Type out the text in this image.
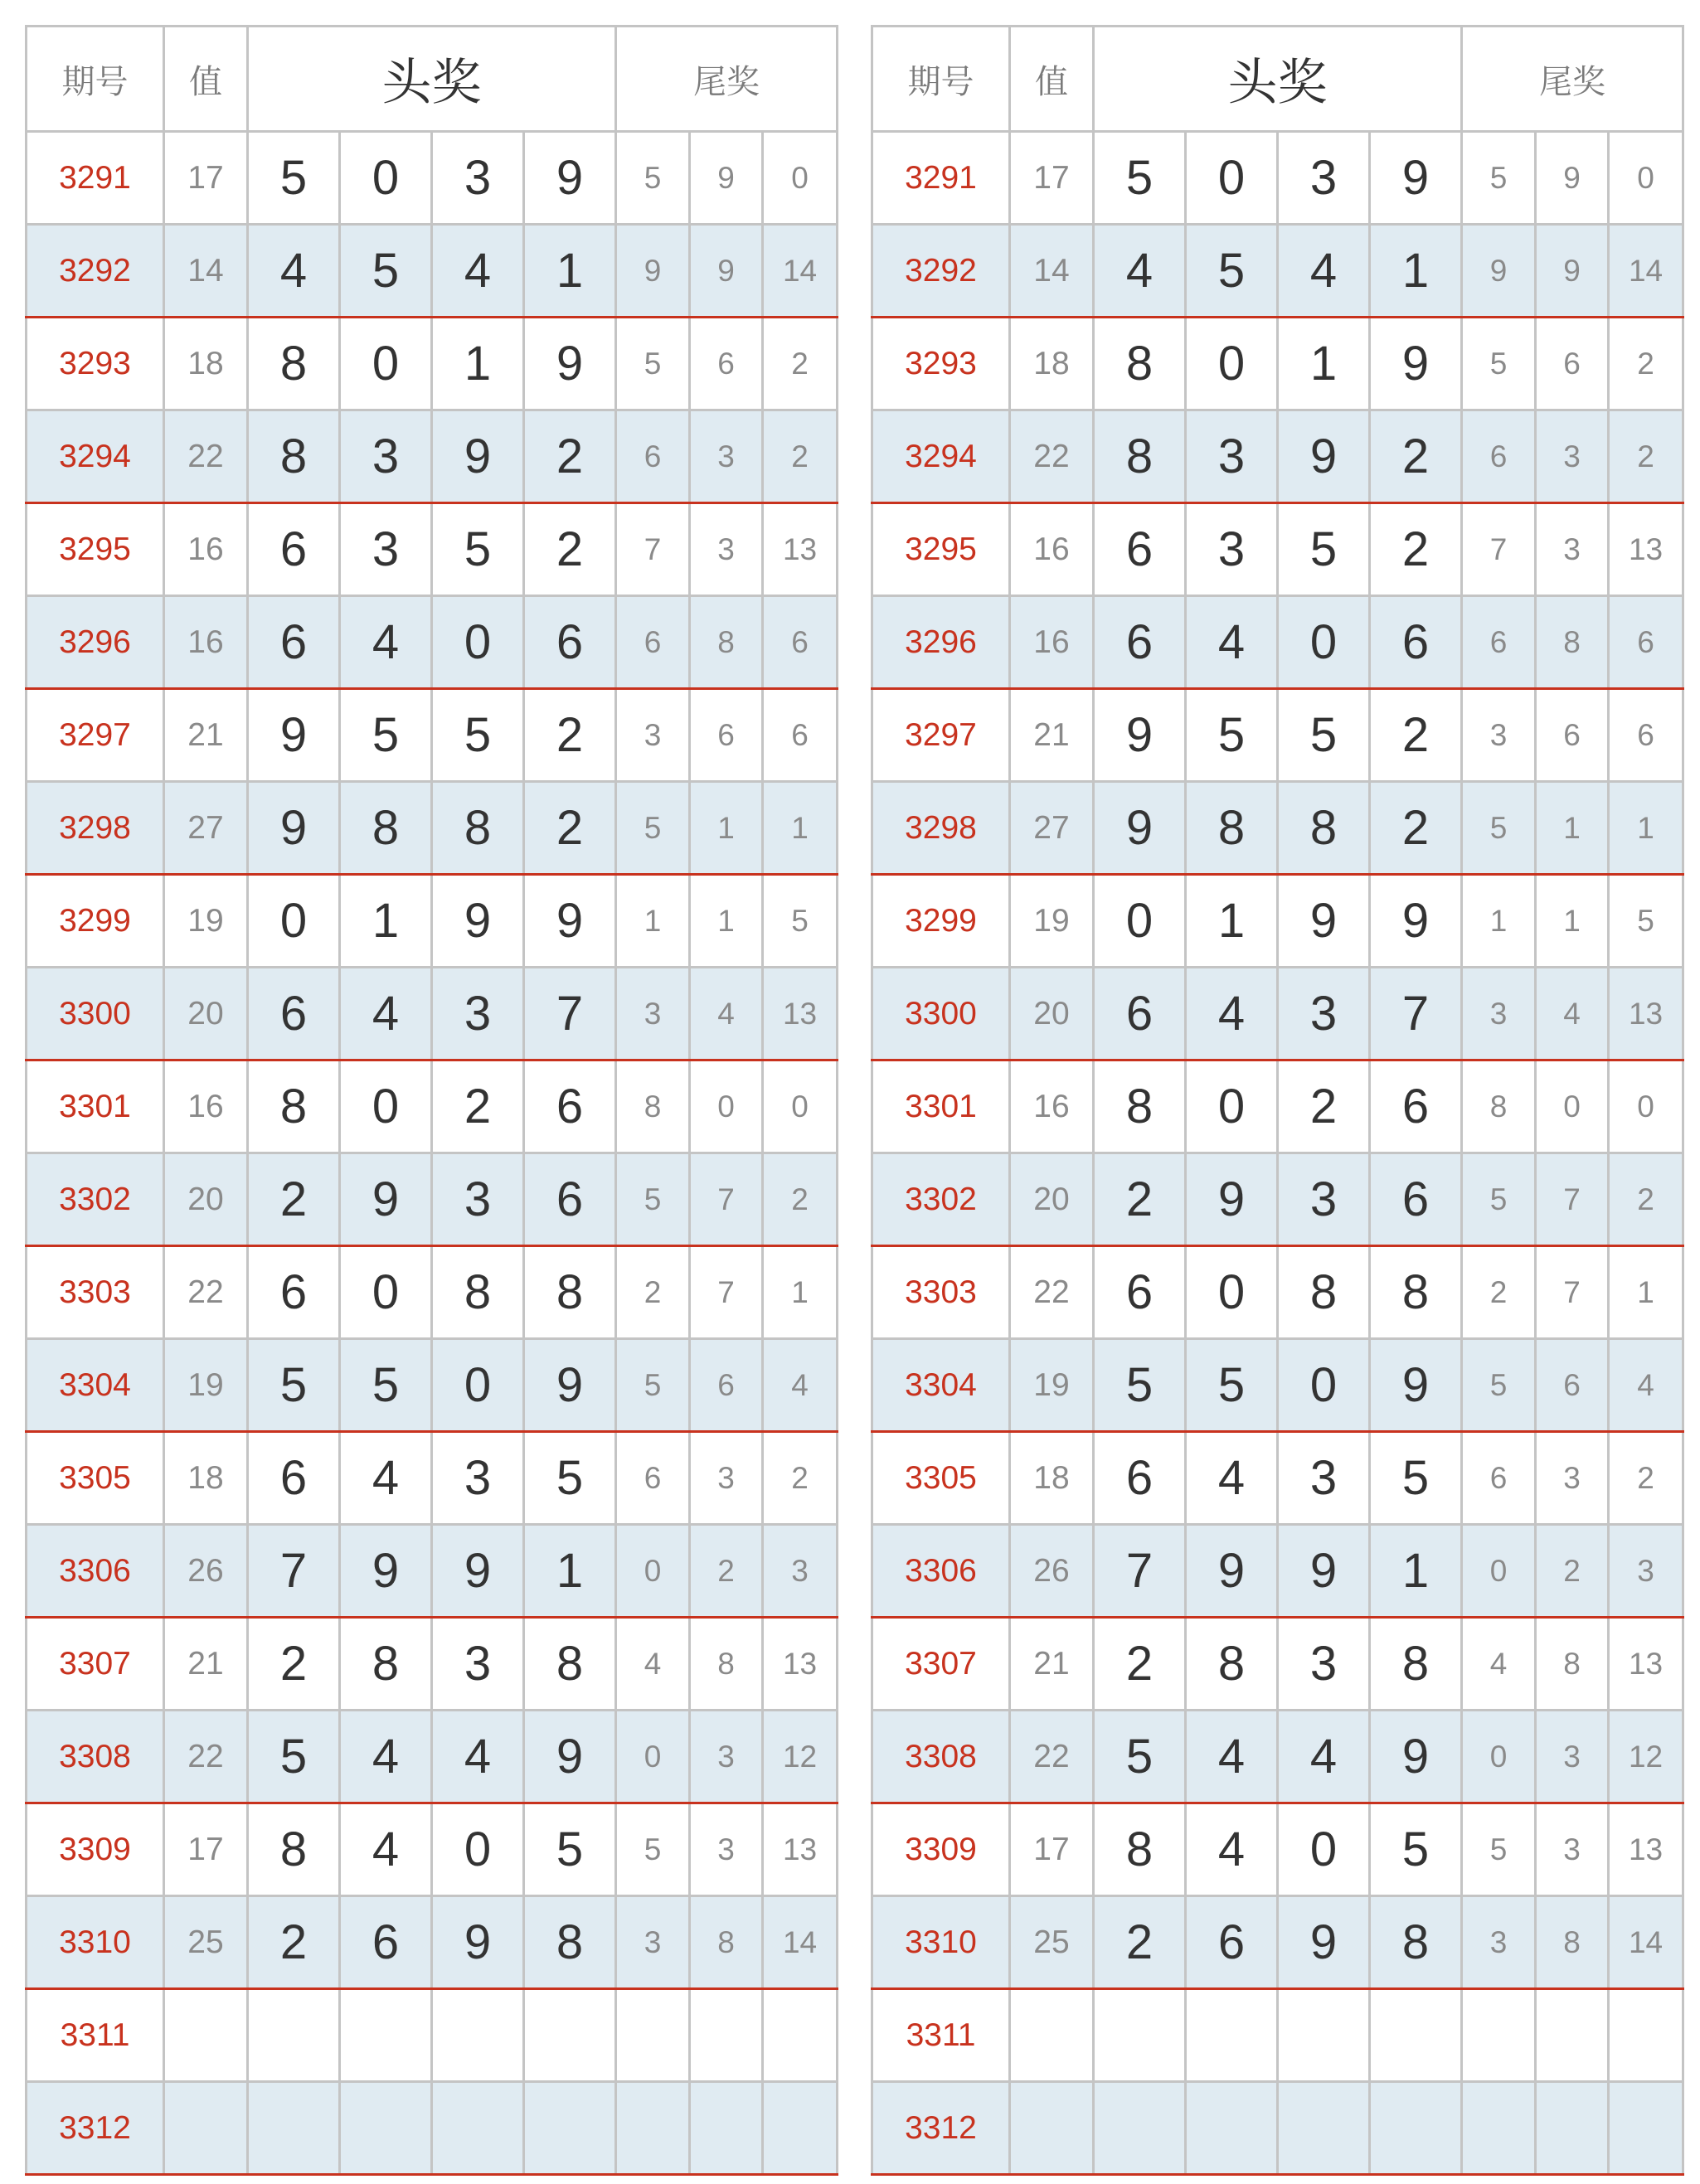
期号	值	头奖				尾奖		
3291	17	5	0	3	9	5	9	0
3292	14	4	5	4	1	9	9	14
3293	18	8	0	1	9	5	6	2
3294	22	8	3	9	2	6	3	2
3295	16	6	3	5	2	7	3	13
3296	16	6	4	0	6	6	8	6
3297	21	9	5	5	2	3	6	6
3298	27	9	8	8	2	5	1	1
3299	19	0	1	9	9	1	1	5
3300	20	6	4	3	7	3	4	13
3301	16	8	0	2	6	8	0	0
3302	20	2	9	3	6	5	7	2
3303	22	6	0	8	8	2	7	1
3304	19	5	5	0	9	5	6	4
3305	18	6	4	3	5	6	3	2
3306	26	7	9	9	1	0	2	3
3307	21	2	8	3	8	4	8	13
3308	22	5	4	4	9	0	3	12
3309	17	8	4	0	5	5	3	13
3310	25	2	6	9	8	3	8	14
3311								
3312								
期号	值	头奖				尾奖		
3291	17	5	0	3	9	5	9	0
3292	14	4	5	4	1	9	9	14
3293	18	8	0	1	9	5	6	2
3294	22	8	3	9	2	6	3	2
3295	16	6	3	5	2	7	3	13
3296	16	6	4	0	6	6	8	6
3297	21	9	5	5	2	3	6	6
3298	27	9	8	8	2	5	1	1
3299	19	0	1	9	9	1	1	5
3300	20	6	4	3	7	3	4	13
3301	16	8	0	2	6	8	0	0
3302	20	2	9	3	6	5	7	2
3303	22	6	0	8	8	2	7	1
3304	19	5	5	0	9	5	6	4
3305	18	6	4	3	5	6	3	2
3306	26	7	9	9	1	0	2	3
3307	21	2	8	3	8	4	8	13
3308	22	5	4	4	9	0	3	12
3309	17	8	4	0	5	5	3	13
3310	25	2	6	9	8	3	8	14
3311								
3312								
